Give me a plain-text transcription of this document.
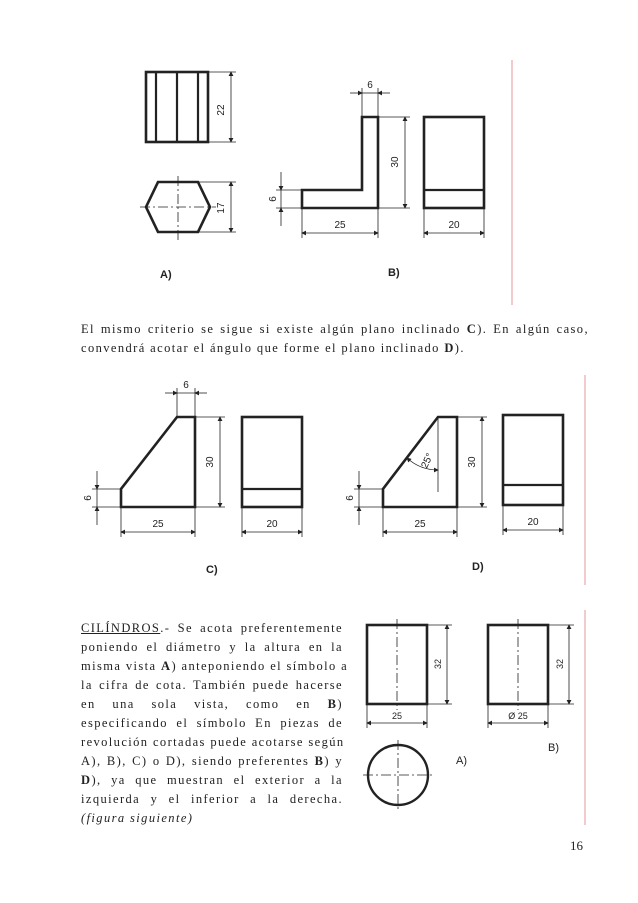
22
17
A)
6
30
6
25	20
B)
6
30
6
25	20
C)
25°	30
6
25	20
D)
32
25
A)
32
Ø 25
B)
El mismo criterio se sigue si existe algún plano inclinado C). En algún caso, convendrá acotar el ángulo que forme el plano inclinado D).
CILÍNDROS.- Se acota preferentemente
poniendo el diámetro y la altura en la
misma vista A) anteponiendo el símbolo a
la cifra de cota. También puede hacerse
en una sola vista, como en B)
especificando el símbolo En piezas de
revolución cortadas puede acotarse según
A), B), C) o D), siendo preferentes B) y
D), ya que muestran el exterior a la
izquierda y el inferior a la derecha.
(figura siguiente)
16
